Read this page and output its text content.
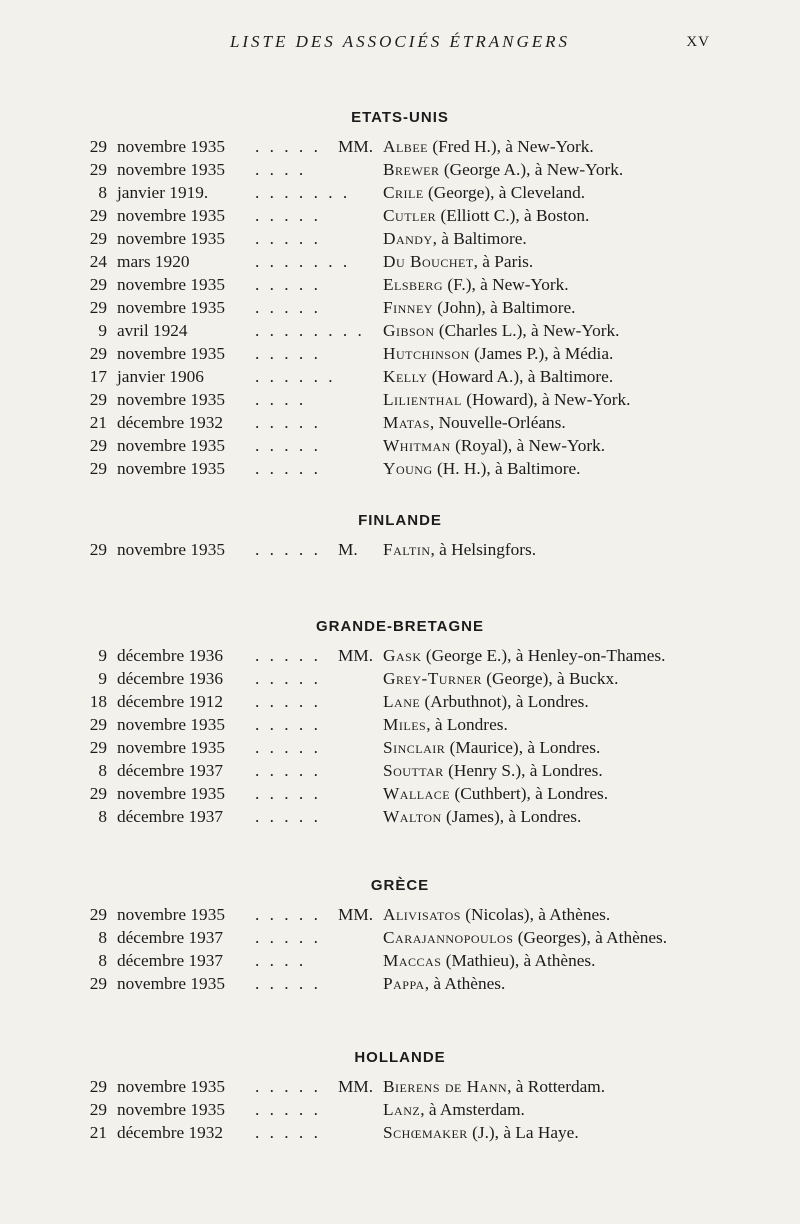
LISTE DES ASSOCIÉS ÉTRANGERS	XV
ETATS-UNIS
29 novembre 1935 . . . . . MM. Albee (Fred H.), à New-York.
29 novembre 1935 . . . .	Brewer (George A.), à New-York.
8 janvier 1919.	. . . . . . . Crile (George), à Cleveland.
29 novembre 1935 . . . . .	Cutler (Elliott C.), à Boston.
29 novembre 1935 . . . . .	Dandy, à Baltimore.
24 mars 1920	. . . . . . . Du Bouchet, à Paris.
29 novembre 1935 . . . . .	Elsberg (F.), à New-York.
29 novembre 1935 . . . . .	Finney (John), à Baltimore.
9 avril 1924	. . . . . . . . Gibson (Charles L.), à New-York.
29 novembre 1935 . . . . .	Hutchinson (James P.), à Média.
17 janvier 1906	. . . . . .	Kelly (Howard A.), à Baltimore.
29 novembre 1935 . . . .	Lilienthal (Howard), à New-York.
21 décembre 1932 . . . . .	Matas, Nouvelle-Orléans.
29 novembre 1935 . . . . .	Whitman (Royal), à New-York.
29 novembre 1935 . . . . .	Young (H. H.), à Baltimore.
FINLANDE
29 novembre 1935 . . . . . M. Faltin, à Helsingfors.
GRANDE-BRETAGNE
9 décembre 1936 . . . . . MM. Gask (George E.), à Henley-on-Thames.
9 décembre 1936 . . . . .	Grey-Turner (George), à Buckx.
18 décembre 1912 . . . . .	Lane (Arbuthnot), à Londres.
29 novembre 1935 . . . . .	Miles, à Londres.
29 novembre 1935 . . . . .	Sinclair (Maurice), à Londres.
8 décembre 1937 . . . . .	Souttar (Henry S.), à Londres.
29 novembre 1935 . . . . .	Wallace (Cuthbert), à Londres.
8 décembre 1937 . . . . .	Walton (James), à Londres.
GRÈCE
29 novembre 1935 . . . . . MM. Alivisatos (Nicolas), à Athènes.
8 décembre 1937 . . . . .	Carajannopoulos (Georges), à Athènes.
8 décembre 1937 . . . .	Maccas (Mathieu), à Athènes.
29 novembre 1935 . . . . .	Pappa, à Athènes.
HOLLANDE
29 novembre 1935 . . . . . MM. Bierens de Hann, à Rotterdam.
29 novembre 1935 . . . . .	Lanz, à Amsterdam.
21 décembre 1932 . . . . .	Schœmaker (J.), à La Haye.
